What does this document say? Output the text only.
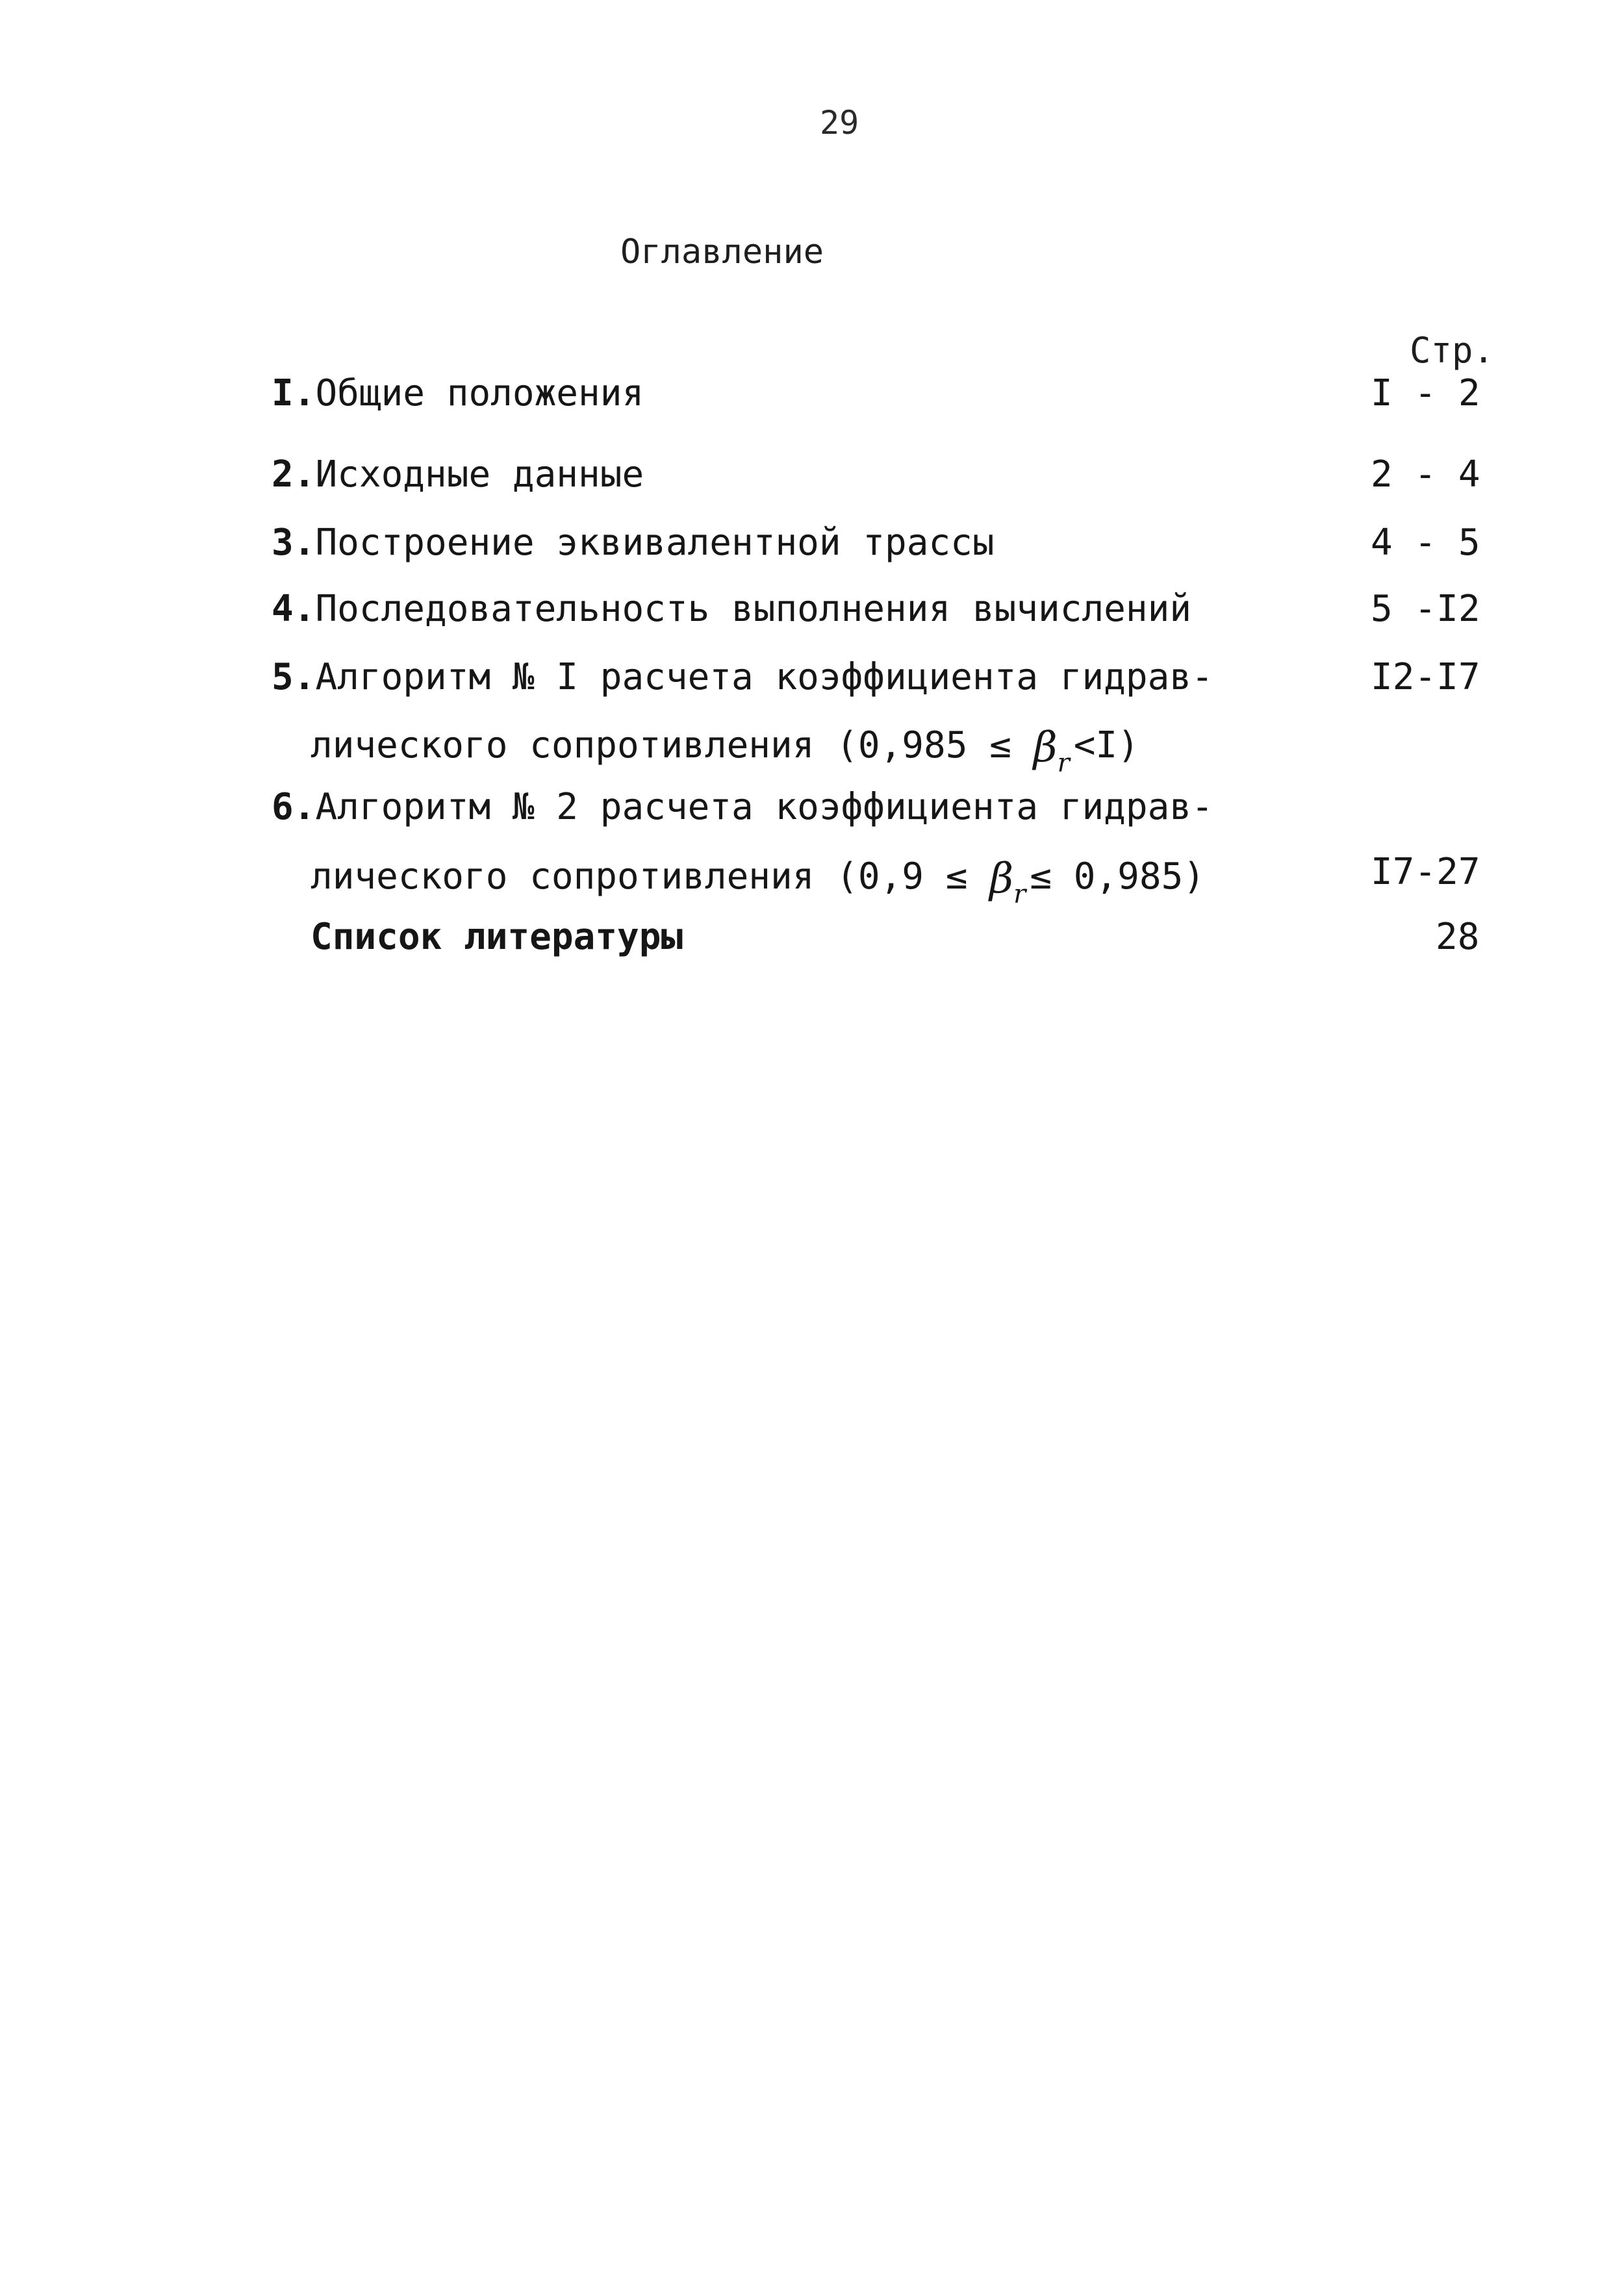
29
Оглавление
Стр.
I.Общие положения	I - 2
2.Исходные данные	2 - 4
3.Построение эквивалентной трассы	4 - 5
4.Последовательность выполнения вычислений	5 -I2
5.Алгоритм № I расчета коэффициента гидрав-	I2-I7
лического сопротивления $(0,985 \le \beta_r <I)$
6.Алгоритм № 2 расчета коэффициента гидрав-
лического сопротивления $(0,9 \le \beta_r \le 0,985)$	I7-27
Список литературы	28
